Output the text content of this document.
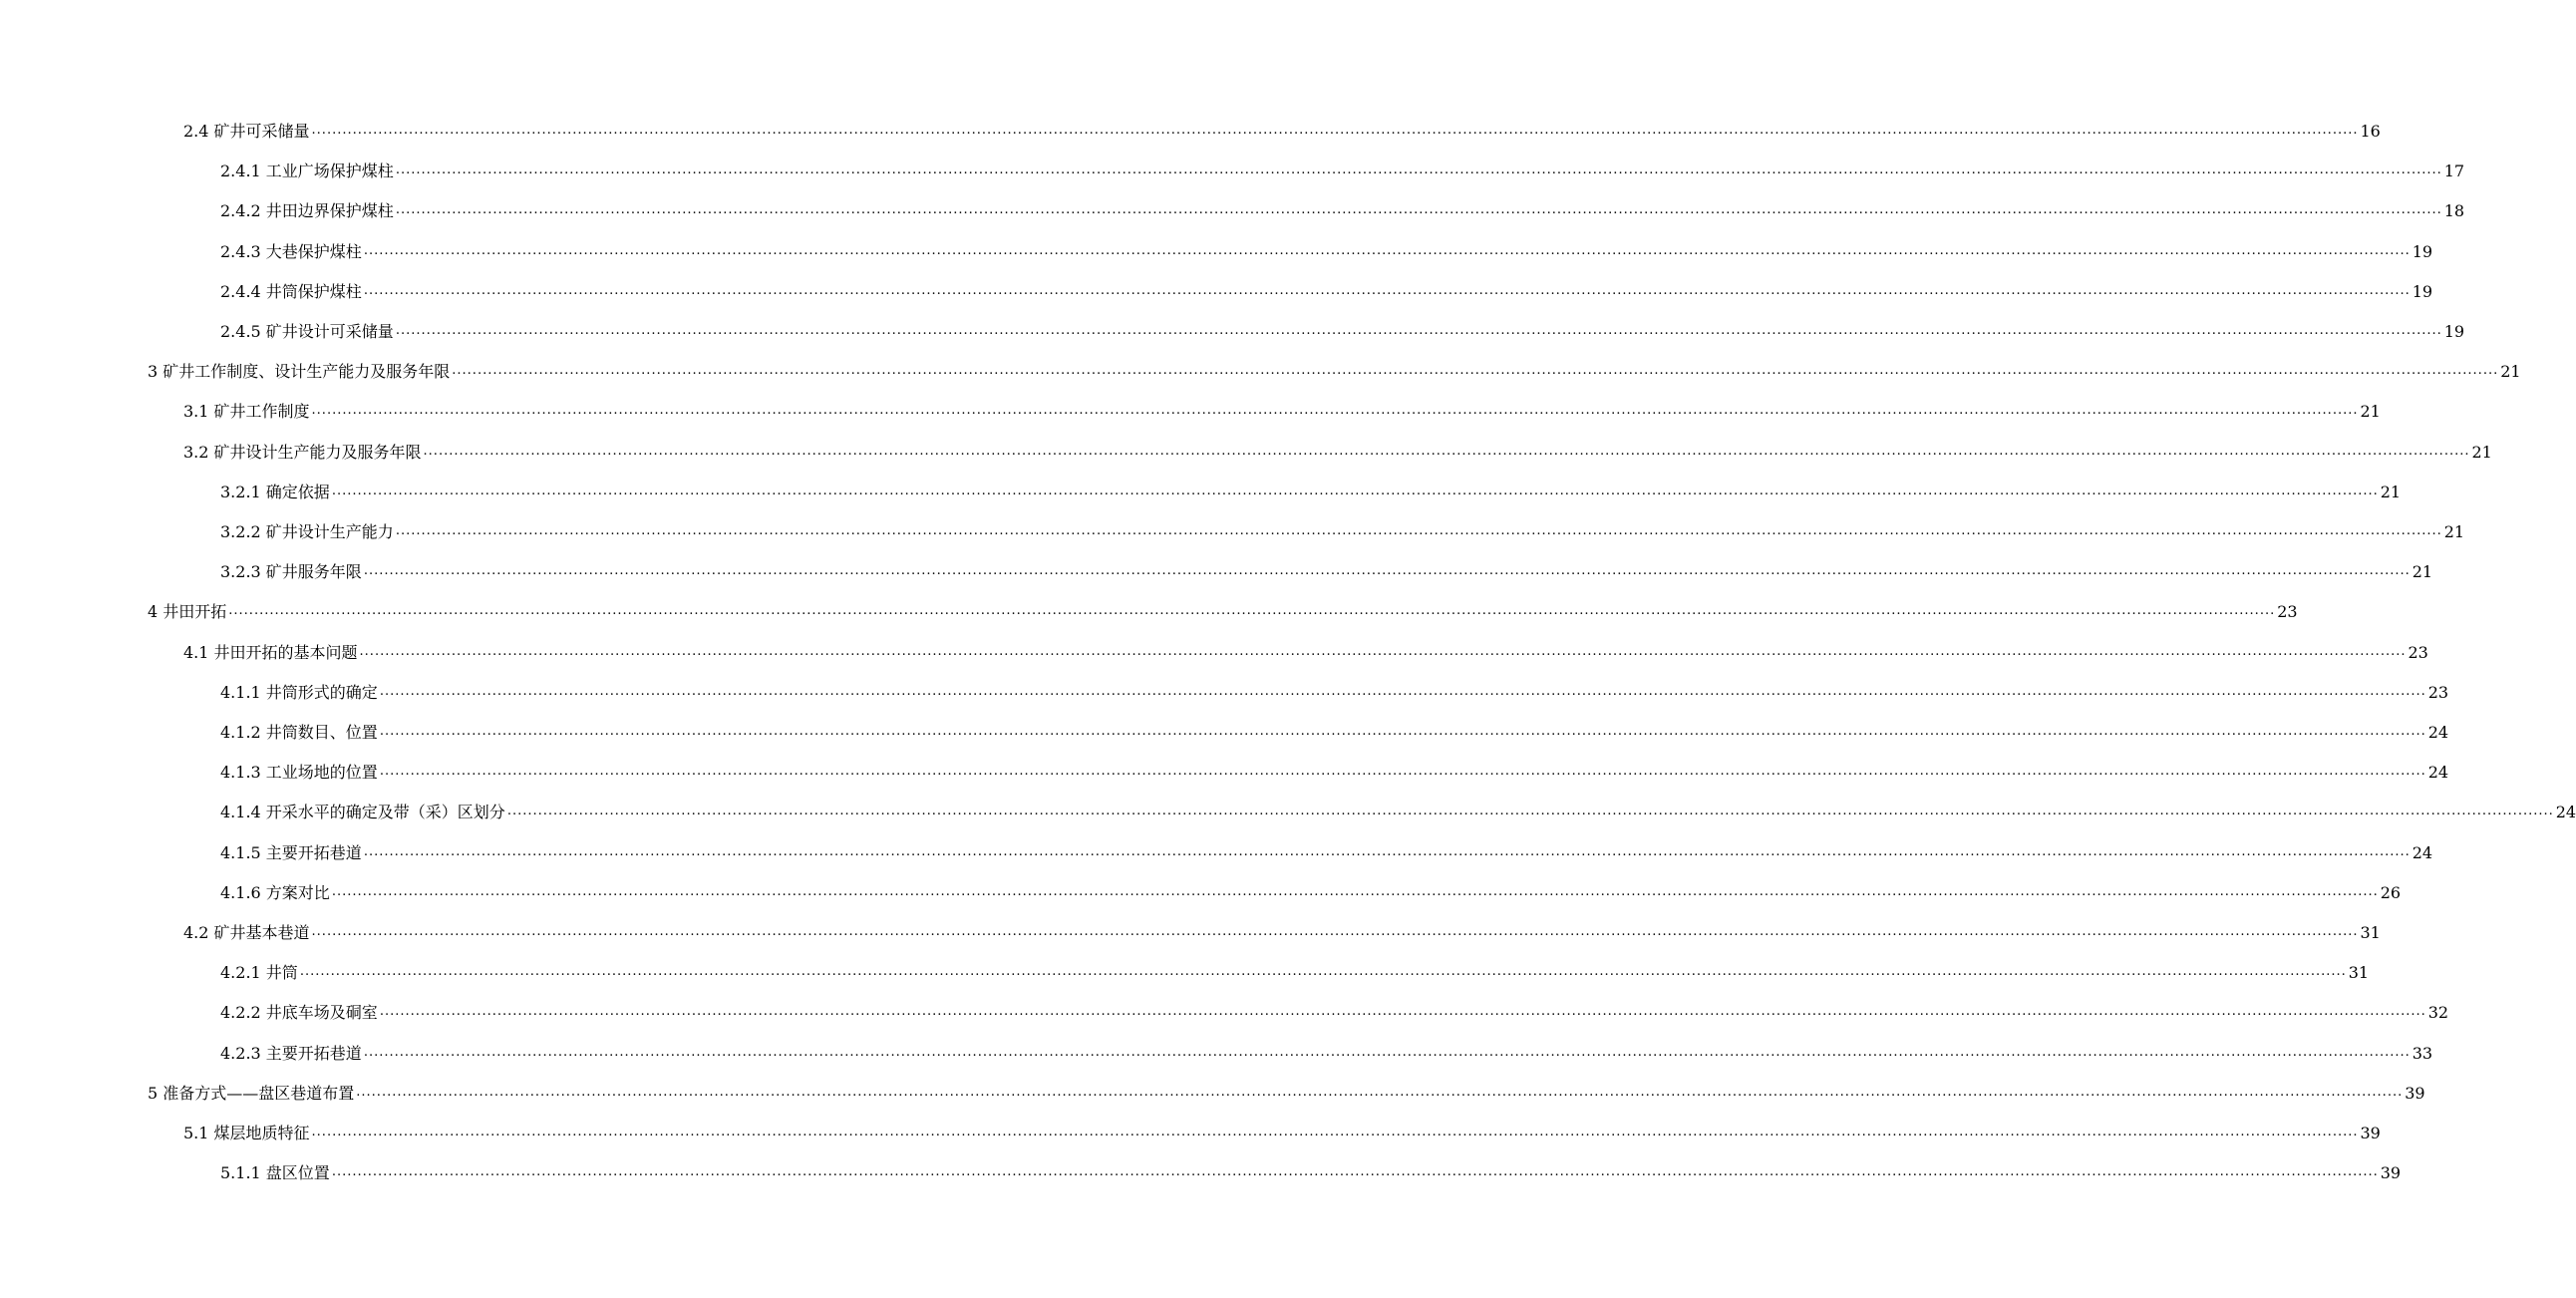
2.4 矿井可采储量 ................................................................................................................................................................................................................................................................................................................................................................................................................ 16
2.4.1 工业广场保护煤柱 ................................................................................................................................................................................................................................................................................................................................................................................................................ 17
2.4.2 井田边界保护煤柱 ................................................................................................................................................................................................................................................................................................................................................................................................................ 18
2.4.3 大巷保护煤柱 ................................................................................................................................................................................................................................................................................................................................................................................................................ 19
2.4.4 井筒保护煤柱 ................................................................................................................................................................................................................................................................................................................................................................................................................ 19
2.4.5 矿井设计可采储量 ................................................................................................................................................................................................................................................................................................................................................................................................................ 19
3 矿井工作制度、设计生产能力及服务年限 ................................................................................................................................................................................................................................................................................................................................................................................................................ 21
3.1 矿井工作制度 ................................................................................................................................................................................................................................................................................................................................................................................................................ 21
3.2 矿井设计生产能力及服务年限 ................................................................................................................................................................................................................................................................................................................................................................................................................ 21
3.2.1 确定依据 ................................................................................................................................................................................................................................................................................................................................................................................................................ 21
3.2.2 矿井设计生产能力 ................................................................................................................................................................................................................................................................................................................................................................................................................ 21
3.2.3 矿井服务年限 ................................................................................................................................................................................................................................................................................................................................................................................................................ 21
4 井田开拓 ................................................................................................................................................................................................................................................................................................................................................................................................................ 23
4.1 井田开拓的基本问题 ................................................................................................................................................................................................................................................................................................................................................................................................................ 23
4.1.1 井筒形式的确定 ................................................................................................................................................................................................................................................................................................................................................................................................................ 23
4.1.2 井筒数目、位置 ................................................................................................................................................................................................................................................................................................................................................................................................................ 24
4.1.3 工业场地的位置 ................................................................................................................................................................................................................................................................................................................................................................................................................ 24
4.1.4 开采水平的确定及带（采）区划分 ................................................................................................................................................................................................................................................................................................................................................................................................................ 24
4.1.5 主要开拓巷道 ................................................................................................................................................................................................................................................................................................................................................................................................................ 24
4.1.6 方案对比 ................................................................................................................................................................................................................................................................................................................................................................................................................ 26
4.2 矿井基本巷道 ................................................................................................................................................................................................................................................................................................................................................................................................................ 31
4.2.1 井筒 ................................................................................................................................................................................................................................................................................................................................................................................................................ 31
4.2.2 井底车场及硐室 ................................................................................................................................................................................................................................................................................................................................................................................................................ 32
4.2.3 主要开拓巷道 ................................................................................................................................................................................................................................................................................................................................................................................................................ 33
5 准备方式——盘区巷道布置 ................................................................................................................................................................................................................................................................................................................................................................................................................ 39
5.1 煤层地质特征 ................................................................................................................................................................................................................................................................................................................................................................................................................ 39
5.1.1 盘区位置 ................................................................................................................................................................................................................................................................................................................................................................................................................ 39
